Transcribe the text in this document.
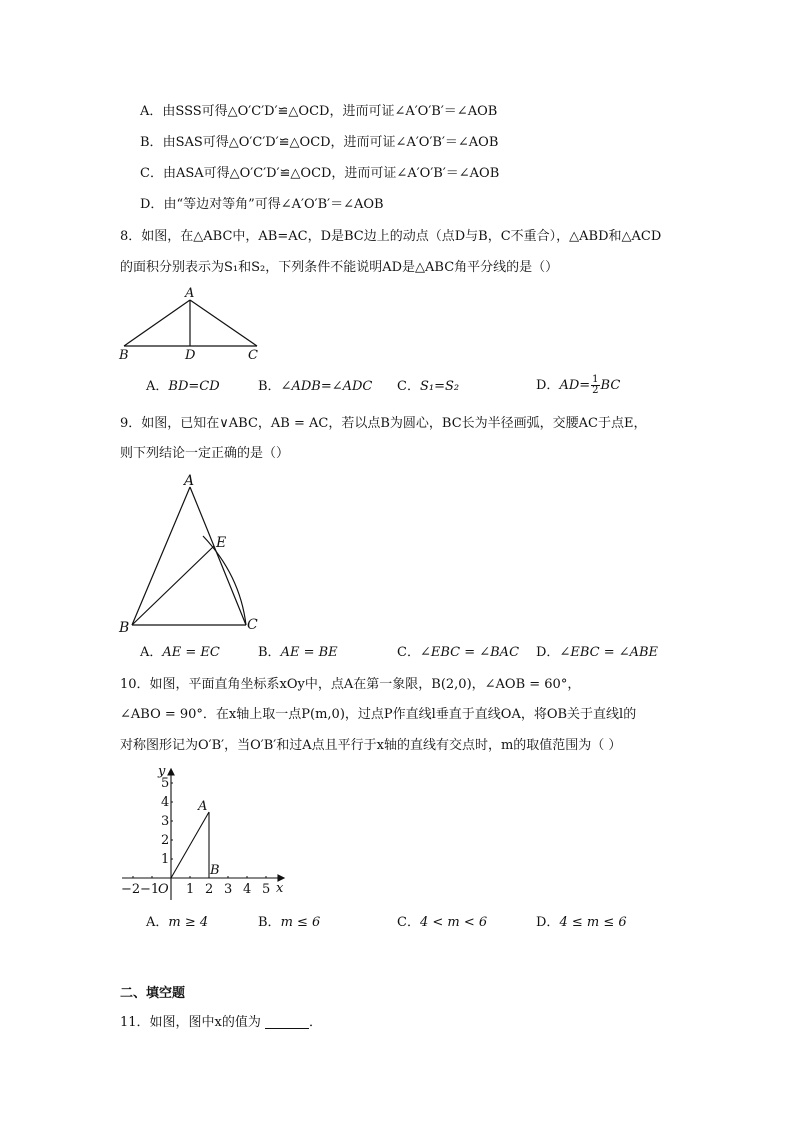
A．由SSS可得△O′C′D′≌△OCD，进而可证∠A′O′B′＝∠AOB
B．由SAS可得△O′C′D′≌△OCD，进而可证∠A′O′B′＝∠AOB
C．由ASA可得△O′C′D′≌△OCD，进而可证∠A′O′B′＝∠AOB
D．由“等边对等角”可得∠A′O′B′＝∠AOB
8．如图，在△ABC中，AB=AC，D是BC边上的动点（点D与B，C不重合），△ABD和△ACD
的面积分别表示为S₁和S₂，下列条件不能说明AD是△ABC角平分线的是（）
A
B	D	C
A．BD=CD	B．∠ADB=∠ADC C．S₁=S₂	D．$AD= \frac{1}{2}$ BC
9．如图，已知在∨ABC，AB = AC，若以点B为圆心，BC长为半径画弧，交腰AC于点E，
则下列结论一定正确的是（）
A
E
B	C
A．AE = EC	B．AE = BE	C．∠EBC = ∠BAC D．∠EBC = ∠ABE
10．如图，平面直角坐标系xOy中，点A在第一象限，B(2,0)，∠AOB = 60°，
∠ABO = 90°．在x轴上取一点P(m,0)，过点P作直线l垂直于直线OA，将OB关于直线l的
对称图形记为O′B′，当O′B′和过A点且平行于x轴的直线有交点时，m的取值范围为（ ）
−2 −1
O 1 2 3 4 5 x
1
2
3
4
5
y
A
B
A．m ≥ 4	B．m ≤ 6	C．4 < m < 6	D．4 ≤ m ≤ 6
二、填空题
11．如图，图中x的值为	．
